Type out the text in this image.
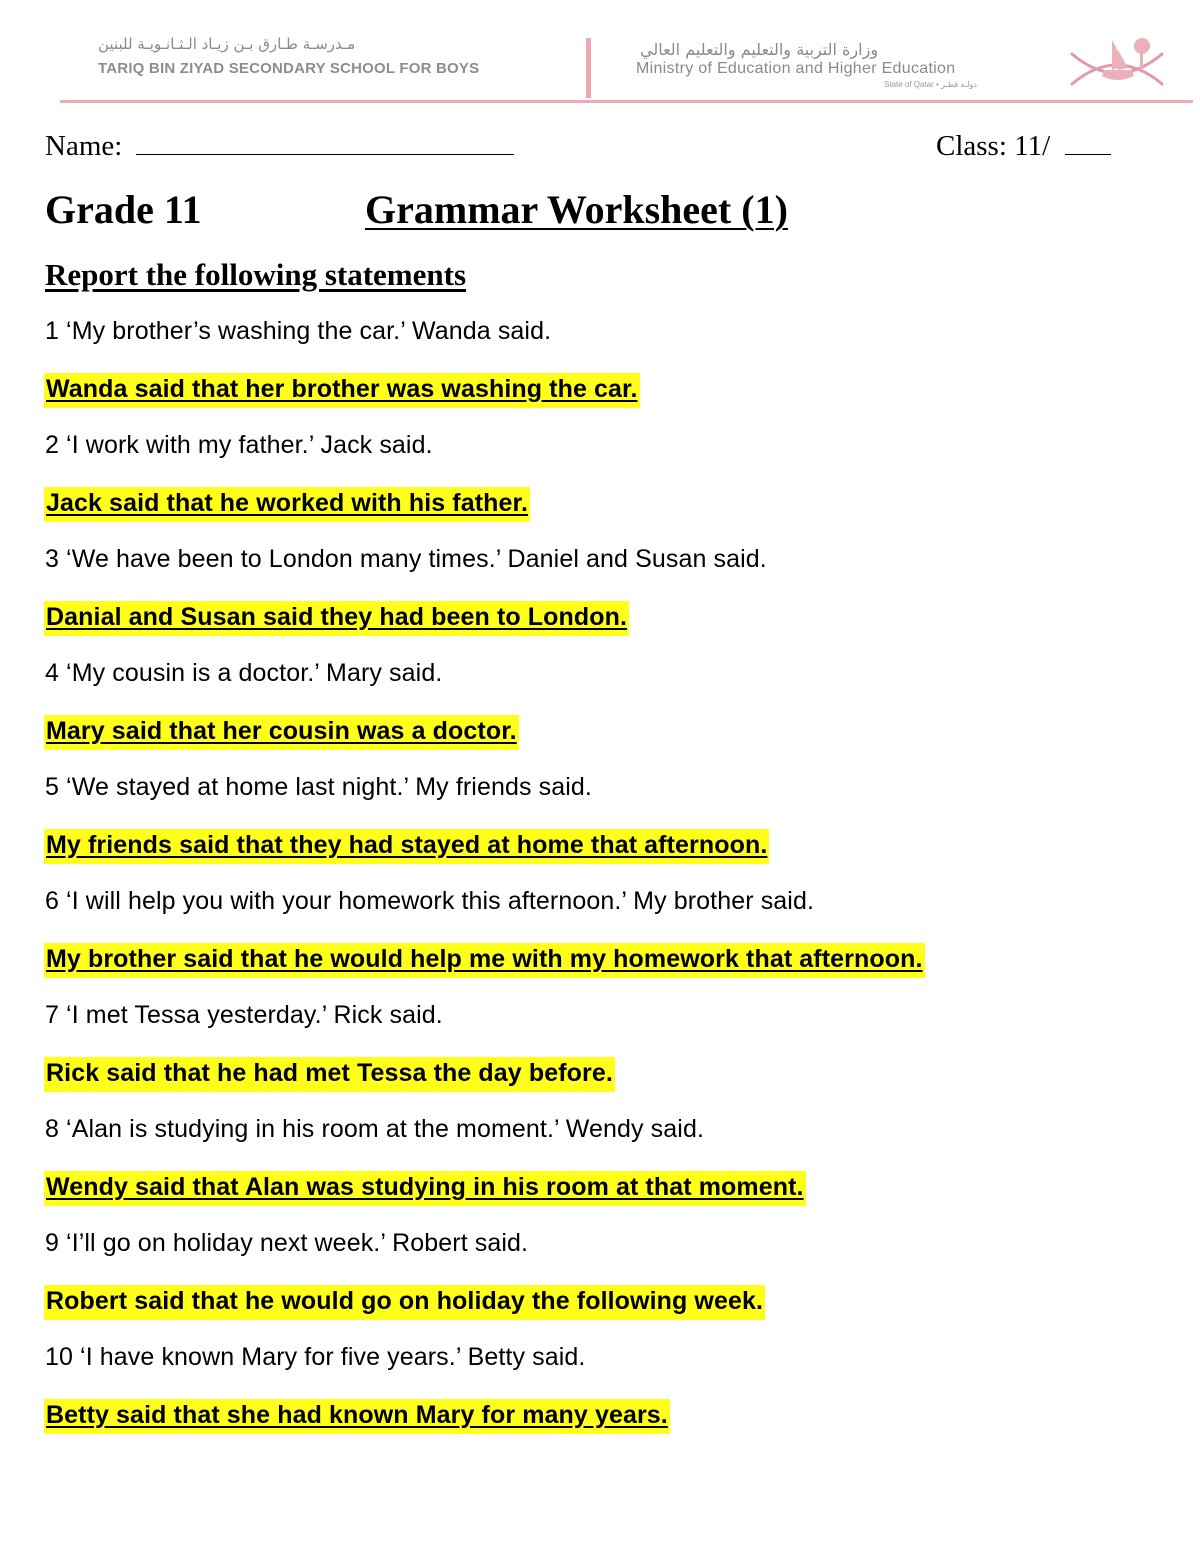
مـدرسـة طـارق بـن زيـاد الـثـانـويـة للبنين
TARIQ BIN ZIYAD SECONDARY SCHOOL FOR BOYS
وزارة التربية والتعليم والتعليم العالي
Ministry of Education and Higher Education
State of Qatar • دولـة قطـر
Name:	Class: 11/
Grade 11	Grammar Worksheet (1)
Report the following statements
1 ‘My brother’s washing the car.’ Wanda said.
Wanda said that her brother was washing the car.
2 ‘I work with my father.’ Jack said.
Jack said that he worked with his father.
3 ‘We have been to London many times.’ Daniel and Susan said.
Danial and Susan said they had been to London.
4 ‘My cousin is a doctor.’ Mary said.
Mary said that her cousin was a doctor.
5 ‘We stayed at home last night.’ My friends said.
My friends said that they had stayed at home that afternoon.
6 ‘I will help you with your homework this afternoon.’ My brother said.
My brother said that he would help me with my homework that afternoon.
7 ‘I met Tessa yesterday.’ Rick said.
Rick said that he had met Tessa the day before.
8 ‘Alan is studying in his room at the moment.’ Wendy said.
Wendy said that Alan was studying in his room at that moment.
9 ‘I’ll go on holiday next week.’ Robert said.
Robert said that he would go on holiday the following week.
10 ‘I have known Mary for five years.’ Betty said.
Betty said that she had known Mary for many years.
